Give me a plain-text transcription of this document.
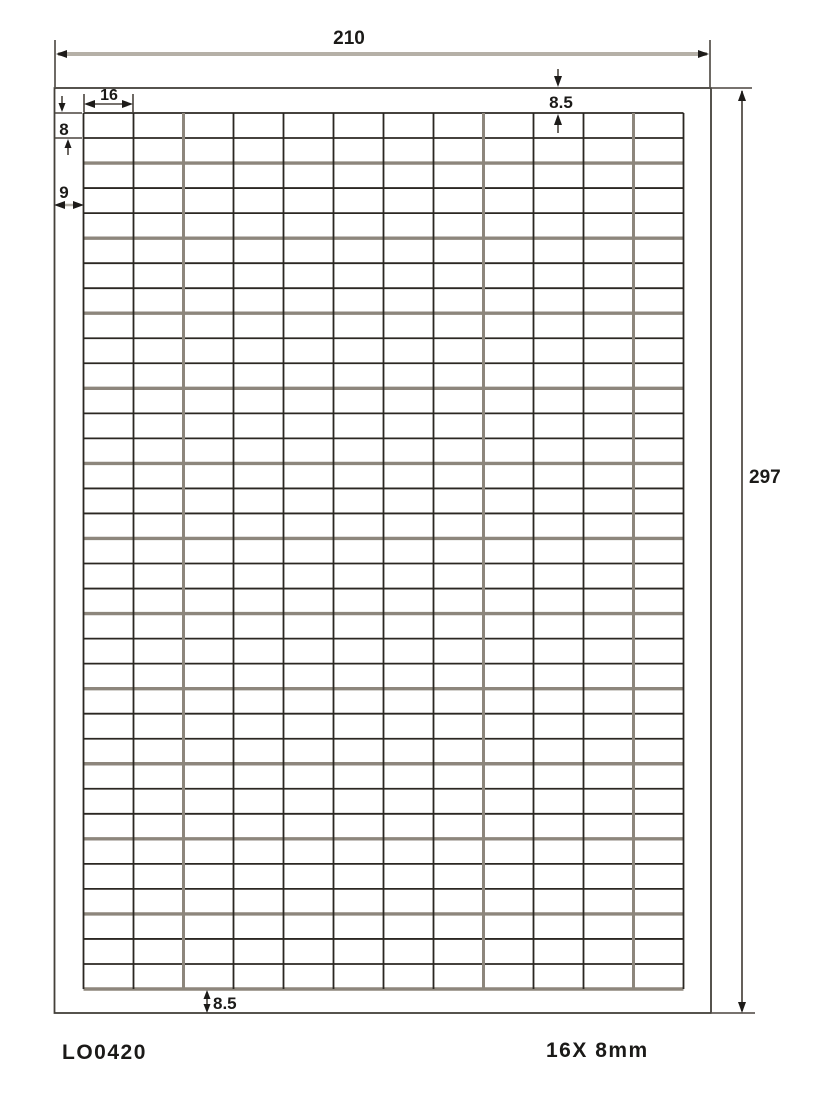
210
297
8.5
16
8
9
8.5
LO0420	16X 8mm
